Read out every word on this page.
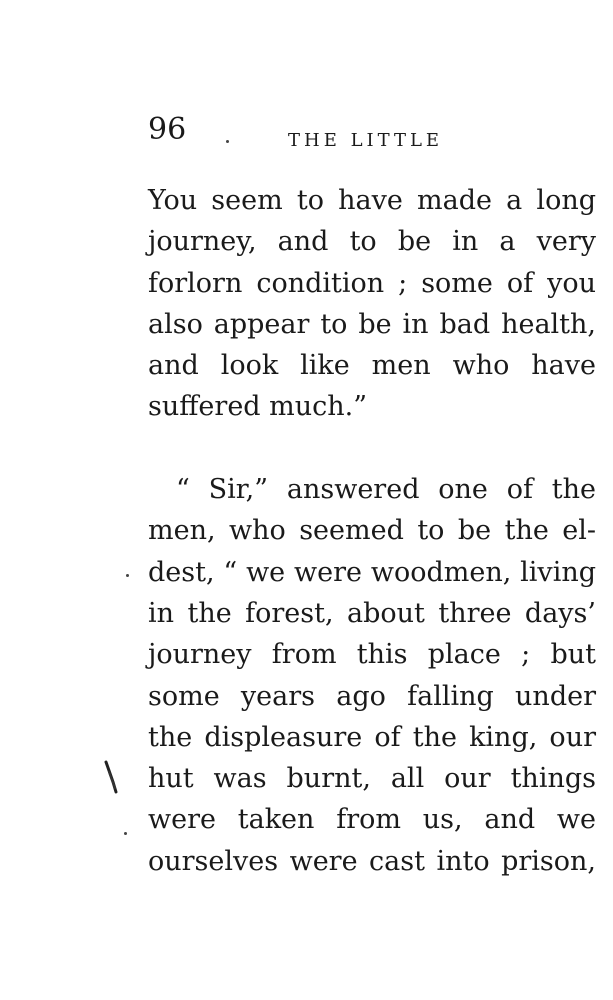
96	THE LITTLE
You seem to have made a long
journey, and to be in a very
forlorn condition ; some of you
also appear to be in bad health,
and look like men who have
suffered much.”
“ Sir,” answered one of the
men, who seemed to be the el-
dest, “ we were woodmen, living
in the forest, about three days’
journey from this place ; but
some years ago falling under
the displeasure of the king, our
hut was burnt, all our things
were taken from us, and we
ourselves were cast into prison,
